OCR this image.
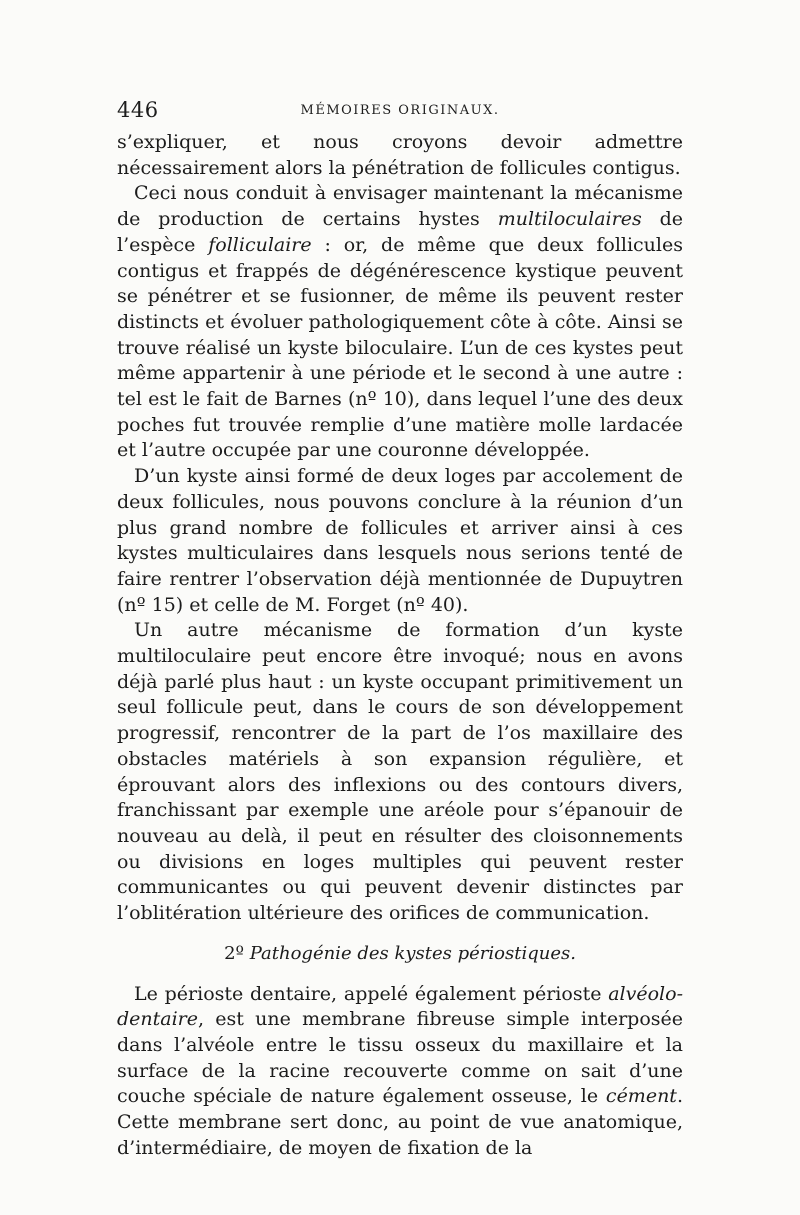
446	MÉMOIRES ORIGINAUX.

s’expliquer, et nous croyons devoir admettre nécessairement alors la pénétration de follicules contigus.

Ceci nous conduit à envisager maintenant la mécanisme de production de certains hystes multiloculaires de l’espèce folliculaire : or, de même que deux follicules contigus et frappés de dégénérescence kystique peuvent se pénétrer et se fusionner, de même ils peuvent rester distincts et évoluer pathologiquement côte à côte. Ainsi se trouve réalisé un kyste biloculaire. L’un de ces kystes peut même appartenir à une période et le second à une autre : tel est le fait de Barnes (nº 10), dans lequel l’une des deux poches fut trouvée remplie d’une matière molle lardacée et l’autre occupée par une couronne développée.

D’un kyste ainsi formé de deux loges par accolement de deux follicules, nous pouvons conclure à la réunion d’un plus grand nombre de follicules et arriver ainsi à ces kystes multiculaires dans lesquels nous serions tenté de faire rentrer l’observation déjà mentionnée de Dupuytren (nº 15) et celle de M. Forget (nº 40).

Un autre mécanisme de formation d’un kyste multiloculaire peut encore être invoqué; nous en avons déjà parlé plus haut : un kyste occupant primitivement un seul follicule peut, dans le cours de son développement progressif, rencontrer de la part de l’os maxillaire des obstacles matériels à son expansion régulière, et éprouvant alors des inflexions ou des contours divers, franchissant par exemple une aréole pour s’épanouir de nouveau au delà, il peut en résulter des cloisonnements ou divisions en loges multiples qui peuvent rester communicantes ou qui peuvent devenir distinctes par l’oblitération ultérieure des orifices de communication.

2º Pathogénie des kystes périostiques.

Le périoste dentaire, appelé également périoste alvéolo-dentaire, est une membrane fibreuse simple interposée dans l’alvéole entre le tissu osseux du maxillaire et la surface de la racine recouverte comme on sait d’une couche spéciale de nature également osseuse, le cément. Cette membrane sert donc, au point de vue anatomique, d’intermédiaire, de moyen de fixation de la
